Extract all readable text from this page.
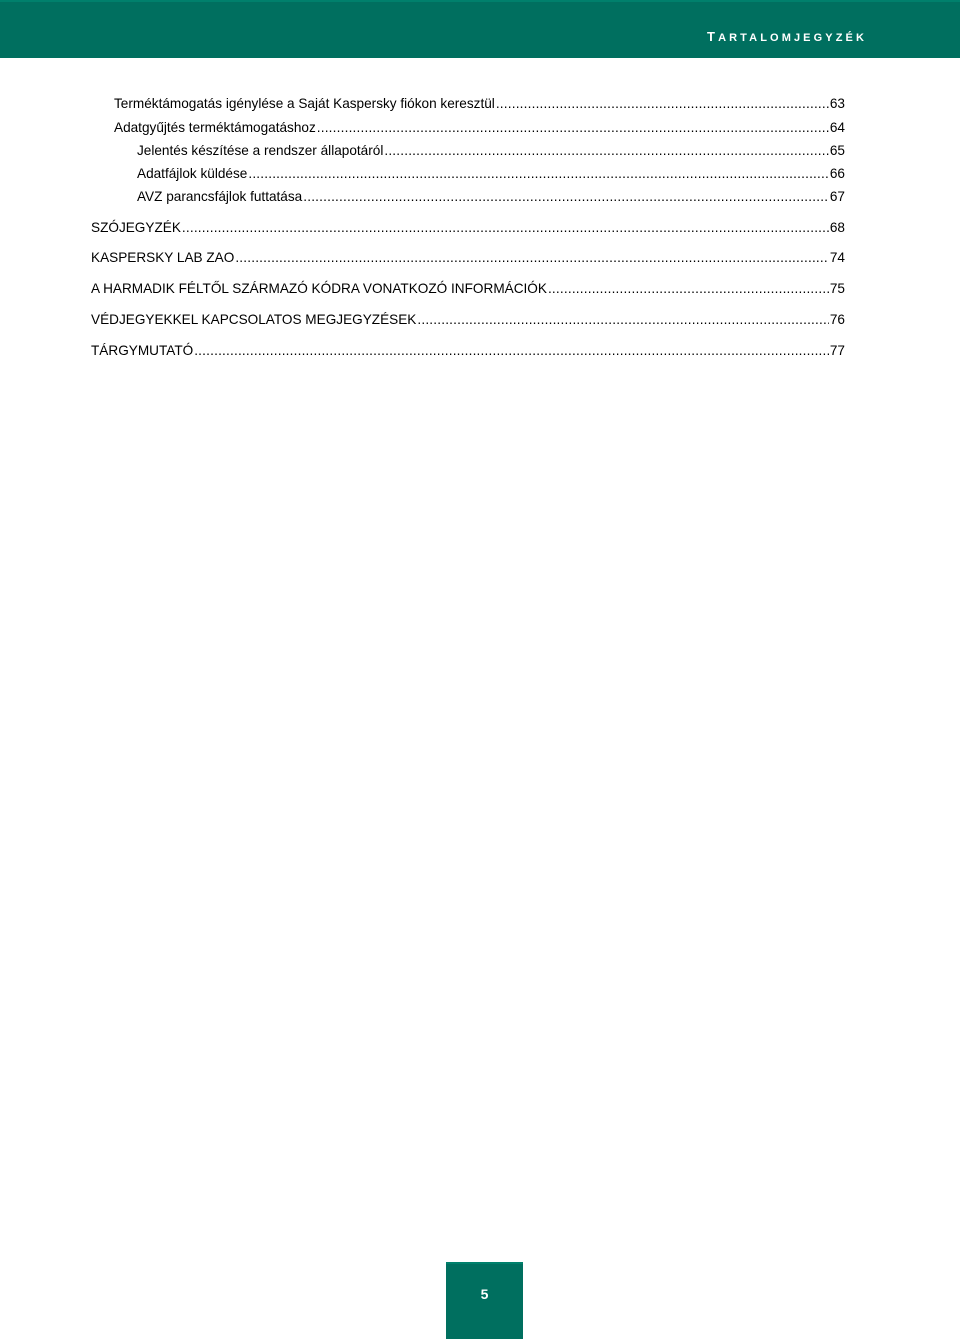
TARTALOMJEGYZÉK
Terméktámogatás igénylése a Saját Kaspersky fiókon keresztül .....	63
Adatgyűjtés terméktámogatáshoz .....	64
Jelentés készítése a rendszer állapotáról .....	65
Adatfájlok küldése .....	66
AVZ parancsfájlok futtatása .....	67
SZÓJEGYZÉK .....	68
KASPERSKY LAB ZAO .....	74
A HARMADIK FÉLTŐL SZÁRMAZÓ KÓDRA VONATKOZÓ INFORMÁCIÓK .....	75
VÉDJEGYEKKEL KAPCSOLATOS MEGJEGYZÉSEK .....	76
TÁRGYMUTATÓ .....	77
5
